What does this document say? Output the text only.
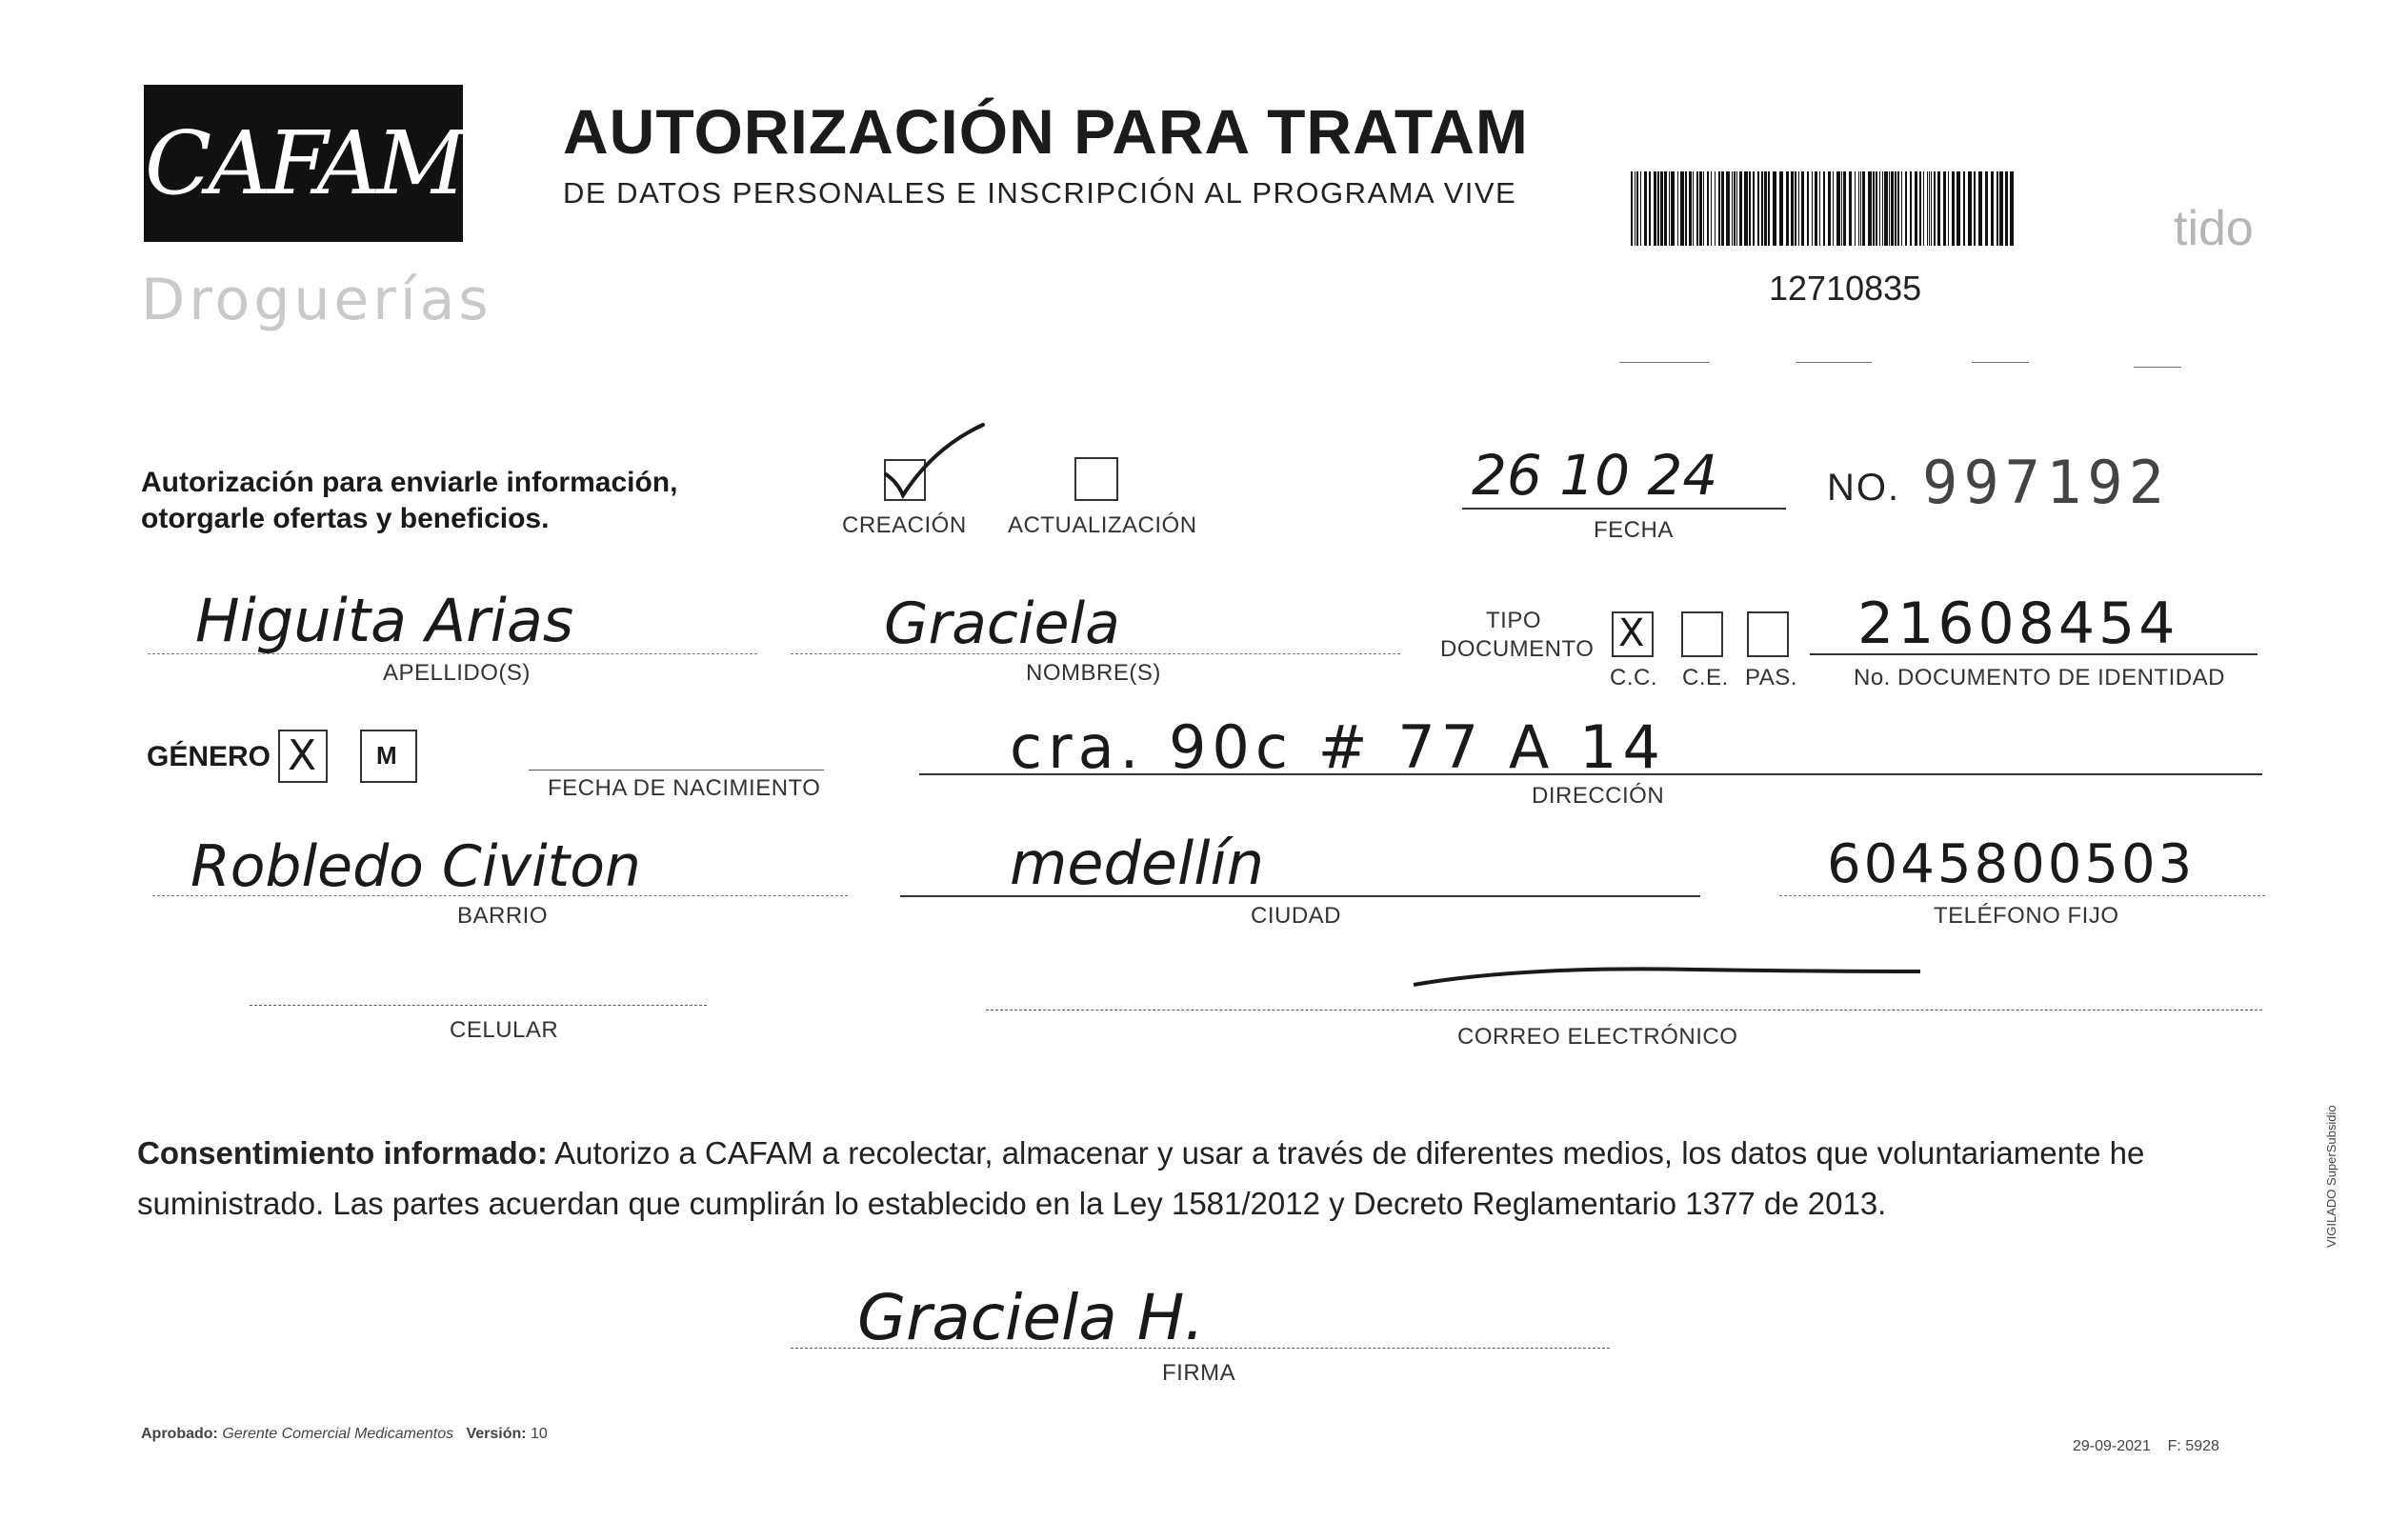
CAFAM
Droguerías
AUTORIZACIÓN PARA TRATAM
DE DATOS PERSONALES E INSCRIPCIÓN AL PROGRAMA VIVE
12710835
tido
Autorización para enviarle información,
otorgarle ofertas y beneficios.	CREACIÓN ACTUALIZACIÓN
26 10 24
FECHA
NO. 997192
Higuita Arias
APELLIDO(S)
Graciela
NOMBRE(S)
TIPO
DOCUMENTO X
C.C. C.E. PAS.
21608454
No. DOCUMENTO DE IDENTIDAD
GÉNERO X M
FECHA DE NACIMIENTO
cra. 90c # 77 A 14
DIRECCIÓN
Robledo Civiton
BARRIO
medellín
CIUDAD
6045800503
TELÉFONO FIJO
CELULAR	CORREO ELECTRÓNICO
Consentimiento informado: Autorizo a CAFAM a recolectar, almacenar y usar a través de diferentes medios, los datos que voluntariamente he suministrado. Las partes acuerdan que cumplirán lo establecido en la Ley 1581/2012 y Decreto Reglamentario 1377 de 2013.
Graciela H.
FIRMA
Aprobado: Gerente Comercial Medicamentos Versión: 10
29-09-2021 F: 5928
VIGILADO SuperSubsidio
